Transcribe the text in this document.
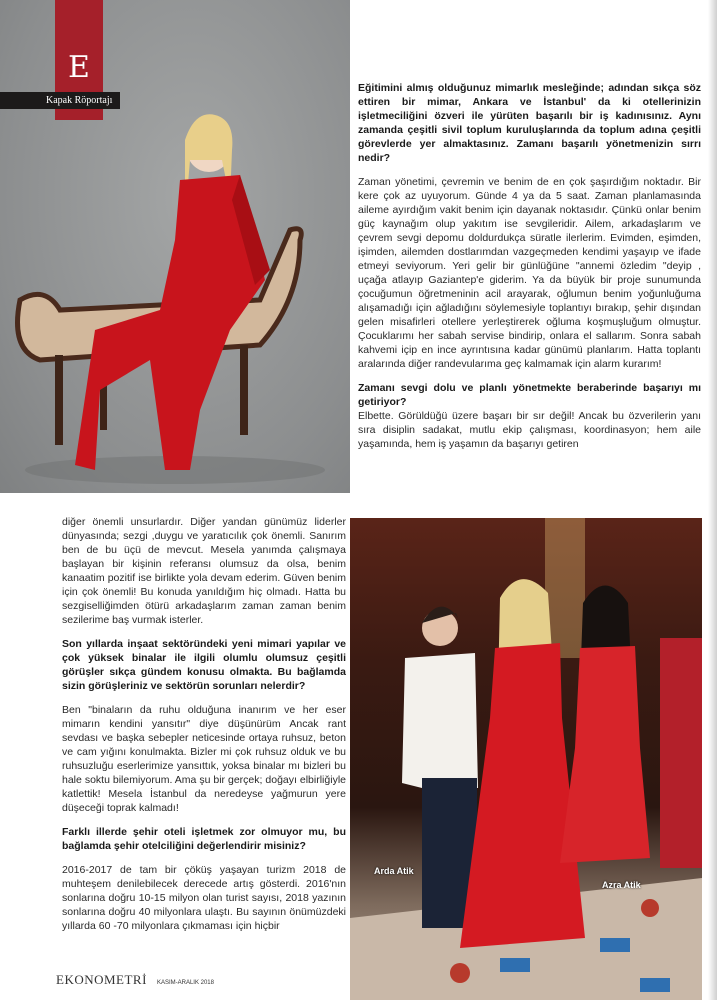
E
Kapak Röportajı

Eğitimini almış olduğunuz mimarlık mesleğinde; adından sıkça söz ettiren bir mimar, Ankara ve İstanbul' da ki otellerinizin işletmeciliğini özveri ile yürüten başarılı bir iş kadınısınız. Aynı zamanda çeşitli sivil toplum kuruluşlarında da toplum adına çeşitli görevlerde yer almaktasınız. Zamanı başarılı yönetmenizin sırrı nedir?

Zaman yönetimi, çevremin ve benim de en çok şaşırdığım noktadır. Bir kere çok az uyuyorum. Günde 4 ya da 5 saat. Zaman planlamasında aileme ayırdığım vakit benim için dayanak noktasıdır. Çünkü onlar benim güç kaynağım olup yakıtım ise sevgileridir. Ailem, arkadaşlarım ve çevrem sevgi depomu doldurdukça süratle ilerlerim. Evimden, eşimden, işimden, ailemden dostlarımdan vazgeçmeden kendimi yaşayıp ve ifade etmeyi seviyorum. Yeri gelir bir günlüğüne "annemi özledim "deyip , uçağa atlayıp Gaziantep'e giderim. Ya da büyük bir proje sunumunda çocuğumun öğretmeninin acil arayarak, oğlumun benim yoğunluğuma alışamadığı için ağladığını söylemesiyle toplantıyı bırakıp, şehir dışından gelen misafirleri otellere yerleştirerek oğluma koşmuşluğum olmuştur. Çocuklarımı her sabah servise bindirip, onlara el sallarım. Sonra sabah kahvemi içip en ince ayrıntısına kadar günümü planlarım. Hatta toplantı aralarında diğer randevularıma geç kalmamak için alarm kurarım!

Zamanı sevgi dolu ve planlı yönetmekte beraberinde başarıyı mı getiriyor?

Elbette. Görüldüğü üzere başarı bir sır değil! Ancak bu özverilerin yanı sıra disiplin sadakat, mutlu ekip çalışması, koordinasyon; hem aile yaşamında, hem iş yaşamın da başarıyı getiren

diğer önemli unsurlardır. Diğer yandan günümüz liderler dünyasında; sezgi ,duygu ve yaratıcılık çok önemli. Sanırım ben de bu üçü de mevcut. Mesela yanımda çalışmaya başlayan bir kişinin referansı olumsuz da olsa, benim kanaatim pozitif ise birlikte yola devam ederim. Güven benim için çok önemli! Bu konuda yanıldığım hiç olmadı. Hatta bu sezgiselliğimden ötürü arkadaşlarım zaman zaman benim sezilerime baş vurmak isterler.

Son yıllarda inşaat sektöründeki yeni mimari yapılar ve çok yüksek binalar ile ilgili olumlu olumsuz çeşitli görüşler sıkça gündem konusu olmakta. Bu bağlamda sizin görüşleriniz ve sektörün sorunları nelerdir?

Ben "binaların da ruhu olduğuna inanırım ve her eser mimarın kendini yansıtır" diye düşünürüm Ancak rant sevdası ve başka sebepler neticesinde ortaya ruhsuz, beton ve cam yığını konulmakta. Bizler mi çok ruhsuz olduk ve bu ruhsuzluğu eserlerimize yansıttık, yoksa binalar mı bizleri bu hale soktu bilemiyorum. Ama şu bir gerçek; doğayı elbirliğiyle katlettik! Mesela İstanbul da neredeyse yağmurun yere düşeceği toprak kalmadı!

Farklı illerde şehir oteli işletmek zor olmuyor mu, bu bağlamda şehir otelciliğini değerlendirir misiniz?

2016-2017 de tam bir çöküş yaşayan turizm 2018 de muhteşem denilebilecek derecede artış gösterdi. 2016'nın sonlarına doğru 10-15 milyon olan turist sayısı, 2018 yazının sonlarına doğru 40 milyonlara ulaştı. Bu sayının önümüzdeki yıllarda 60 -70 milyonlara çıkmaması için hiçbir

Arda Atik
Azra Atik
EKONOMETRİ KASIM-ARALIK 2018
